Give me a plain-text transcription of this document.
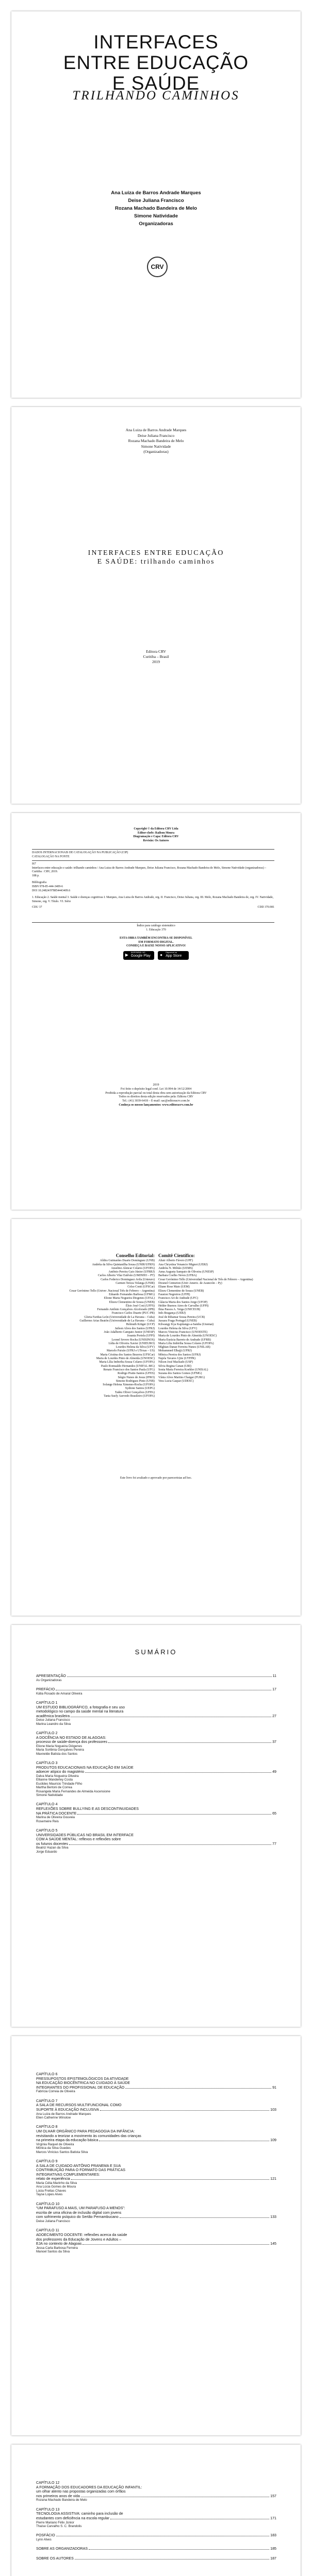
INTERFACES
ENTRE EDUCAÇÃO
E SAÚDE
TRILHANDO CAMINHOS
Ana Luiza de Barros Andrade Marques
Deise Juliana Francisco
Rozana Machado Bandeira de Melo
Simone Natividade
Organizadoras
CRV
Ana Luiza de Barros Andrade Marques
Deise Juliana Francisco
Rozana Machado Bandeira de Melo
Simone Natividade
(Organizadoras)
INTERFACES ENTRE EDUCAÇÃO
E SAÚDE: trilhando caminhos
Editora CRV
Curitiba – Brasil
2019
Copyright © da Editora CRV Ltda
Editor-chefe: Railson Moura
Diagramação e Capa: Editora CRV
Revisão: Os Autores
DADOS INTERNACIONAIS DE CATALOGAÇÃO NA PUBLICAÇÃO (CIP)
CATALOGAÇÃO NA FONTE
I67
Interfaces entre educação e saúde: trilhando caminhos / Ana Luiza de Barros Andrade Marques, Deise Juliana Francisco, Rozana Machado Bandeira de Melo, Simone Natividade (organizadoras) – Curitiba : CRV, 2019.
188 p.
Bibliografia
ISBN 978-85-444-3409-6
DOI 10.24824/978854443409.6
1. Educação 2. Saúde mental 3. Saúde e doenças cognitivas I. Marques, Ana Luiza de Barros Andrade, org. II. Francisco, Deise Juliana, org. III. Melo, Rozana Machado Bandeira de, org. IV. Natividade, Simone, org. V. Título. VI. Série
CDU 37	CDD 370.981
Índice para catálogo sistemático
1. Educação 370
ESTA OBRA TAMBÉM ENCONTRA-SE DISPONÍVEL
EM FORMATO DIGITAL.
CONHEÇA E BAIXE NOSSO APLICATIVO!
▶ DISPONÍVEL NO
Google Play
	● Disponível na
App Store
2019
Foi feito o depósito legal conf. Lei 10.994 de 14/12/2004
Proibida a reprodução parcial ou total desta obra sem autorização da Editora CRV
Todos os direitos desta edição reservados pela: Editora CRV
Tel.: (41) 3039-6418 – E-mail: sac@editoracrv.com.br
Conheça os nossos lançamentos: www.editoracrv.com.br
Conselho Editorial:
Aldira Guimarães Duarte Domínguez (UNB)
Andréia da Silva Quintanilha Sousa (UNIR/UFRN)
Anselmo Alencar Colares (UFOPA)
Antônio Pereira Gaio Júnior (UFRRJ)
Carlos Alberto Vilar Estêvão (UMINHO – PT)
Carlos Federico Dominguez Avila (Unieuro)
Carmen Tereza Velanga (UNIR)
Celso Conti (UFSCar)
Cesar Gerónimo Tello (Univer .Nacional Três de Febrero – Argentina)
Eduardo Fernandes Barbosa (UFMG)
Elione Maria Nogueira Diogenes (UFAL)
Elizeu Clementino de Souza (UNEB)
Élsio José Corá (UFFS)
Fernando Antônio Gonçalves Alcoforado (IPB)
Francisco Carlos Duarte (PUC-PR)
Gloria Fariñas León (Universidade de La Havana – Cuba)
Guillermo Arias Beatón (Universidade de La Havana – Cuba)
Helmuth Krüger (UCP)
Jailson Alves dos Santos (UFRJ)
João Adalberto Campato Junior (UNESP)
Josania Portela (UFPI)
Leonel Severo Rocha (UNISINOS)
Lídia de Oliveira Xavier (UNIEURO)
Lourdes Helena da Silva (UFV)
Marcelo Paixão (UFRJ e UTexas – US)
Maria Cristina dos Santos Bezerra (UFSCar)
Maria de Lourdes Pinto de Almeida (UNOESC)
Maria Lília Imbiriba Sousa Colares (UFOPA)
Paulo Romualdo Hernandes (UNIFAL-MG)
Renato Francisco dos Santos Paula (UFG)
Rodrigo Pratte-Santos (UFES)
Sérgio Nunes de Jesus (IFRO)
Simone Rodrigues Pinto (UNB)
Solange Helena Ximenes-Rocha (UFOPA)
Sydione Santos (UEPG)
Tadeu Oliver Gonçalves (UFPA)
Tania Suely Azevedo Brasileiro (UFOPA)
Comitê Científico:
Altair Alberto Fávero (UPF)
Ana Chrystina Venancio Mignot (UERJ)
Andréia N. Militão (UEMS)
Anna Augusta Sampaio de Oliveira (UNESP)
Barbara Coelho Neves (UFBA)
Cesar Gerónimo Tello (Universidad Nacional de Três de Febrero – Argentina)
Diosnel Centurion (Univ Americ. de Asunción – Py)
Eliane Rose Maio (UEM)
Elizeu Clementino de Souza (UNEB)
Fauston Negreiros (UFPI)
Francisco Ari de Andrade (UFC)
Gláucia Maria dos Santos Jorge (UFOP)
Helder Buenos Aires de Carvalho (UFPI)
Ilma Passos A. Veiga (UNICEUB)
Inês Bragança (UERJ)
José de Ribamar Sousa Pereira (UCB)
Jussara Fraga Portugal (UNEB)
Kilwangy Kya Kapitango-a-Samba (Unemat)
Lourdes Helena da Silva (UFV)
Marcos Vinicius Francisco (UNOESTE)
Maria de Lourdes Pinto de Almeida (UNOESC)
Maria Eurácia Barreto de Andrade (UFRB)
Maria Lília Imbiriba Sousa Colares (UFOPA)
Míghian Danae Ferreira Nunes (UNILAB)
Mohammed Elhajji (UFRJ)
Mônica Pereira dos Santos (UFRJ)
Najela Tavares Ujiie (UTFPR)
Nilson José Machado (USP)
Silvia Regina Canan (URI)
Sonia Maria Ferreira Koehler (UNISAL)
Suzana dos Santos Gomes (UFMG)
Vânia Alves Martins Chaigar (FURG)
Vera Lucia Gaspar (UDESC)
Este livro foi avaliado e aprovado por pareceristas ad hoc.
SUMÁRIO
APRESENTAÇÃO	11
As Organizadoras
PREFÁCIO	17
Kátia Rosado de Amaral Oliveira
CAPÍTULO 1
UM ESTUDO BIBLIOGRÁFICO, a fotografia e seu uso
metodológico no campo da saúde mental na literatura
acadêmica brasileira	27
Deise Juliana Francisco
Marina Leandro da Silva
CAPÍTULO 2
A DOCÊNCIA NO ESTADO DE ALAGOAS:
processo de saúde-doença dos professores	37
Elione Maria Nogueira Diógenes
Maria Sortênia Gonçalves Pereira
Maxnelde Batista dos Santos
CAPÍTULO 3
PRODUTOS EDUCACIONAIS NA EDUCAÇÃO EM SAÚDE
adoecer atípico do magistério	49
Dalva Maria Nogueira Oliveira
Ellianne Wanderley Costa
Euclides Mauricio Trindade Filho
Martha Bertoni de Correa
Rosangela Maria Fernandes de Almeida Ascensione
Simone Natividade
CAPÍTULO 4
REFLEXÕES SOBRE BULLYING E AS DESCONTINUIDADES
NA PRÁTICA DOCENTE	65
Marina de Oliveira Gouveia
Rosemeire Reis
CAPÍTULO 5
UNIVERSIDADES PÚBLICAS NO BRASIL EM INTERFACE
COM A SAÚDE MENTAL: reflexos e reflexões sobre
os futuros docentes	77
Beatriz Hazan da Silva
Jorge Eduardo
CAPÍTULO 6
PRESSUPOSTOS EPISTEMOLÓGICOS DA ATIVIDADE
NA EDUCAÇÃO BIOCÊNTRICA NO CUIDADO À SAÚDE
INTEGRANTES DO PROFISSIONAL DE EDUCAÇÃO	91
Fabrícia Correia de Oliveira
CAPÍTULO 7
A SALA DE RECURSOS MULTIFUNCIONAL COMO
SUPORTE À EDUCAÇÃO INCLUSIVA	103
Ana Luiza de Barros Andrade Marques
Elien Catherine Winslow
CAPÍTULO 8
UM OLHAR ORGÂNICO PARA PEDAGOGIA DA INFÂNCIA:
revisitando a teorizar a movimento às comunidades das crianças
na primeira etapa da educação básica	109
Virgínia Raquel de Oliveira
Mônica da Silva Guedes
Marcos Vinícius Santos Batista Silva
CAPÍTULO 9
A SALA DE CUIDADO ANTÔNIO PRANEMA E SUA
CONTRIBUIÇÃO PARA O FORMATO DAS PRÁTICAS
INTEGRATIVAS COMPLEMENTARES:
relato de experiência	121
Maria Célia Marinho da Silva
Ana Lúcia Gomes de Moura
Lúcia Freitas Chaves
Tayse Lopes Alves
CAPÍTULO 10
“UM PARAFUSO A MAIS, UM PARAFUSO A MENOS”:
escrita de uma oficina de inclusão digital com jovens
com sofrimento psíquico do Sertão Pernambucano	133
Deise Juliana Francisco
CAPÍTULO 11
ADOECIMENTO DOCENTE: reflexões acerca da saúde
dos professores da Educação de Jovens e Adultos –
EJA no contexto de Alagoas	145
Jessa Carla Barbosa Ferreira
Manoel Santos da Silva
CAPÍTULO 12
A FORMAÇÃO DOS EDUCADORES DA EDUCAÇÃO INFANTIL:
um olhar atento nas propostas organizadas com órfãos
nos primeiros anos de vida	157
Rozana Machado Bandeira de Melo
CAPÍTULO 13
TECNOLOGIA ASSISTIVA: caminho para inclusão de
estudantes com deficiência na escola regular	171
Pierre Mariano Félix Júnior
Thaíse Carvalho S. C. Brandolis
POSFÁCIO	183
Lynn Alves
SOBRE AS ORGANIZADORAS	185
SOBRE OS AUTORES	187
